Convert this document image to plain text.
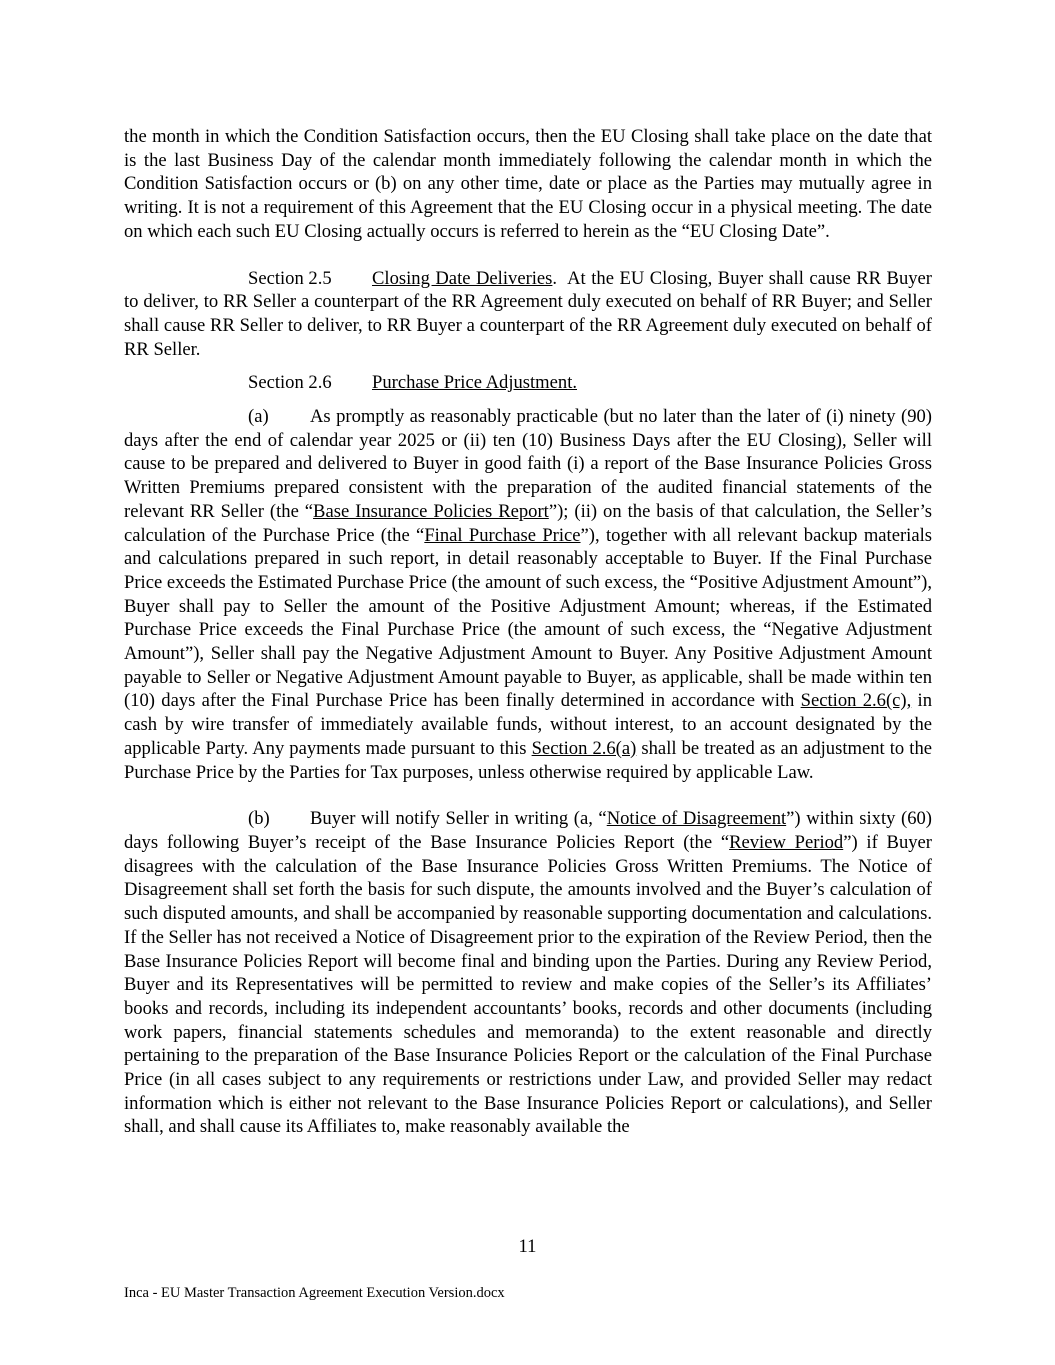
the month in which the Condition Satisfaction occurs, then the EU Closing shall take place on the date that is the last Business Day of the calendar month immediately following the calendar month in which the Condition Satisfaction occurs or (b) on any other time, date or place as the Parties may mutually agree in writing. It is not a requirement of this Agreement that the EU Closing occur in a physical meeting. The date on which each such EU Closing actually occurs is referred to herein as the “EU Closing Date”.

Section 2.5 Closing Date Deliveries. At the EU Closing, Buyer shall cause RR Buyer to deliver, to RR Seller a counterpart of the RR Agreement duly executed on behalf of RR Buyer; and Seller shall cause RR Seller to deliver, to RR Buyer a counterpart of the RR Agreement duly executed on behalf of RR Seller.

Section 2.6 Purchase Price Adjustment.

(a) As promptly as reasonably practicable (but no later than the later of (i) ninety (90) days after the end of calendar year 2025 or (ii) ten (10) Business Days after the EU Closing), Seller will cause to be prepared and delivered to Buyer in good faith (i) a report of the Base Insurance Policies Gross Written Premiums prepared consistent with the preparation of the audited financial statements of the relevant RR Seller (the “Base Insurance Policies Report”); (ii) on the basis of that calculation, the Seller’s calculation of the Purchase Price (the “Final Purchase Price”), together with all relevant backup materials and calculations prepared in such report, in detail reasonably acceptable to Buyer. If the Final Purchase Price exceeds the Estimated Purchase Price (the amount of such excess, the “Positive Adjustment Amount”), Buyer shall pay to Seller the amount of the Positive Adjustment Amount; whereas, if the Estimated Purchase Price exceeds the Final Purchase Price (the amount of such excess, the “Negative Adjustment Amount”), Seller shall pay the Negative Adjustment Amount to Buyer. Any Positive Adjustment Amount payable to Seller or Negative Adjustment Amount payable to Buyer, as applicable, shall be made within ten (10) days after the Final Purchase Price has been finally determined in accordance with Section 2.6(c), in cash by wire transfer of immediately available funds, without interest, to an account designated by the applicable Party. Any payments made pursuant to this Section 2.6(a) shall be treated as an adjustment to the Purchase Price by the Parties for Tax purposes, unless otherwise required by applicable Law.

(b) Buyer will notify Seller in writing (a, “Notice of Disagreement”) within sixty (60) days following Buyer’s receipt of the Base Insurance Policies Report (the “Review Period”) if Buyer disagrees with the calculation of the Base Insurance Policies Gross Written Premiums. The Notice of Disagreement shall set forth the basis for such dispute, the amounts involved and the Buyer’s calculation of such disputed amounts, and shall be accompanied by reasonable supporting documentation and calculations. If the Seller has not received a Notice of Disagreement prior to the expiration of the Review Period, then the Base Insurance Policies Report will become final and binding upon the Parties. During any Review Period, Buyer and its Representatives will be permitted to review and make copies of the Seller’s its Affiliates’ books and records, including its independent accountants’ books, records and other documents (including work papers, financial statements schedules and memoranda) to the extent reasonable and directly pertaining to the preparation of the Base Insurance Policies Report or the calculation of the Final Purchase Price (in all cases subject to any requirements or restrictions under Law, and provided Seller may redact information which is either not relevant to the Base Insurance Policies Report or calculations), and Seller shall, and shall cause its Affiliates to, make reasonably available the

11
Inca - EU Master Transaction Agreement Execution Version.docx
